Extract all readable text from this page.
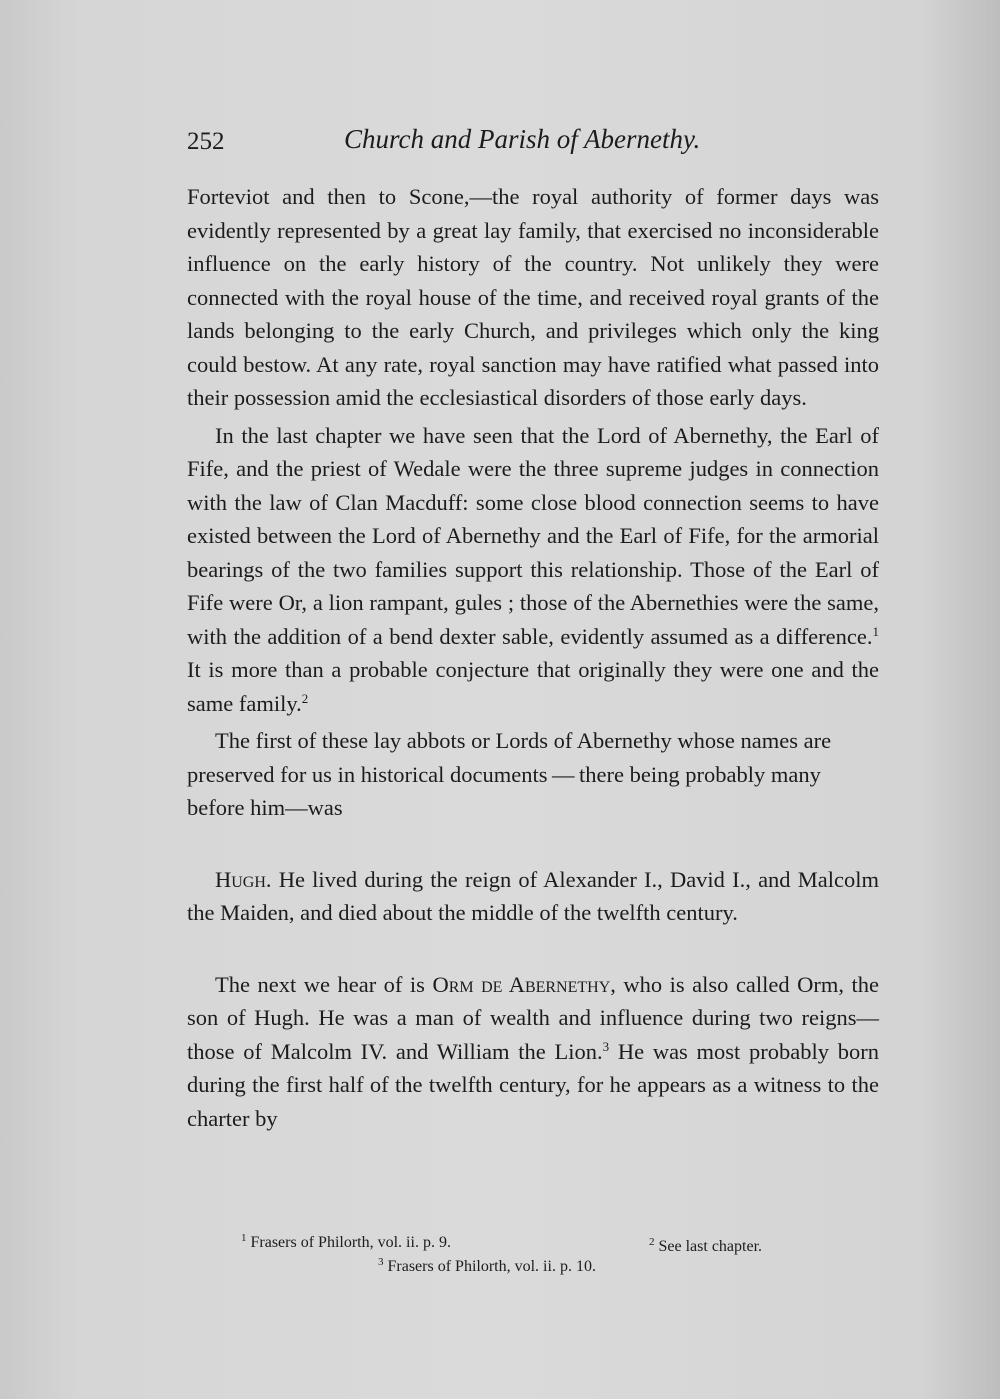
252	Church and Parish of Abernethy.

Forteviot and then to Scone,—the royal authority of former days was evidently represented by a great lay family, that exercised no inconsiderable influence on the early history of the country. Not unlikely they were connected with the royal house of the time, and received royal grants of the lands belonging to the early Church, and privileges which only the king could bestow. At any rate, royal sanction may have ratified what passed into their possession amid the ecclesiastical disorders of those early days.

In the last chapter we have seen that the Lord of Abernethy, the Earl of Fife, and the priest of Wedale were the three supreme judges in connection with the law of Clan Macduff: some close blood connection seems to have existed between the Lord of Abernethy and the Earl of Fife, for the armorial bearings of the two families support this relationship. Those of the Earl of Fife were Or, a lion rampant, gules ; those of the Abernethies were the same, with the addition of a bend dexter sable, evidently assumed as a difference.$^1$ It is more than a probable conjecture that originally they were one and the same family.$^2$

The first of these lay abbots or Lords of Abernethy whose names are preserved for us in historical documents — there being probably many before him—was

Hugh. He lived during the reign of Alexander I., David I., and Malcolm the Maiden, and died about the middle of the twelfth century.

The next we hear of is Orm de Abernethy, who is also called Orm, the son of Hugh. He was a man of wealth and influence during two reigns—those of Malcolm IV. and William the Lion.$^3$ He was most probably born during the first half of the twelfth century, for he appears as a witness to the charter by

$^1$ Frasers of Philorth, vol. ii. p. 9.	$^2$ See last chapter.
$^3$ Frasers of Philorth, vol. ii. p. 10.
